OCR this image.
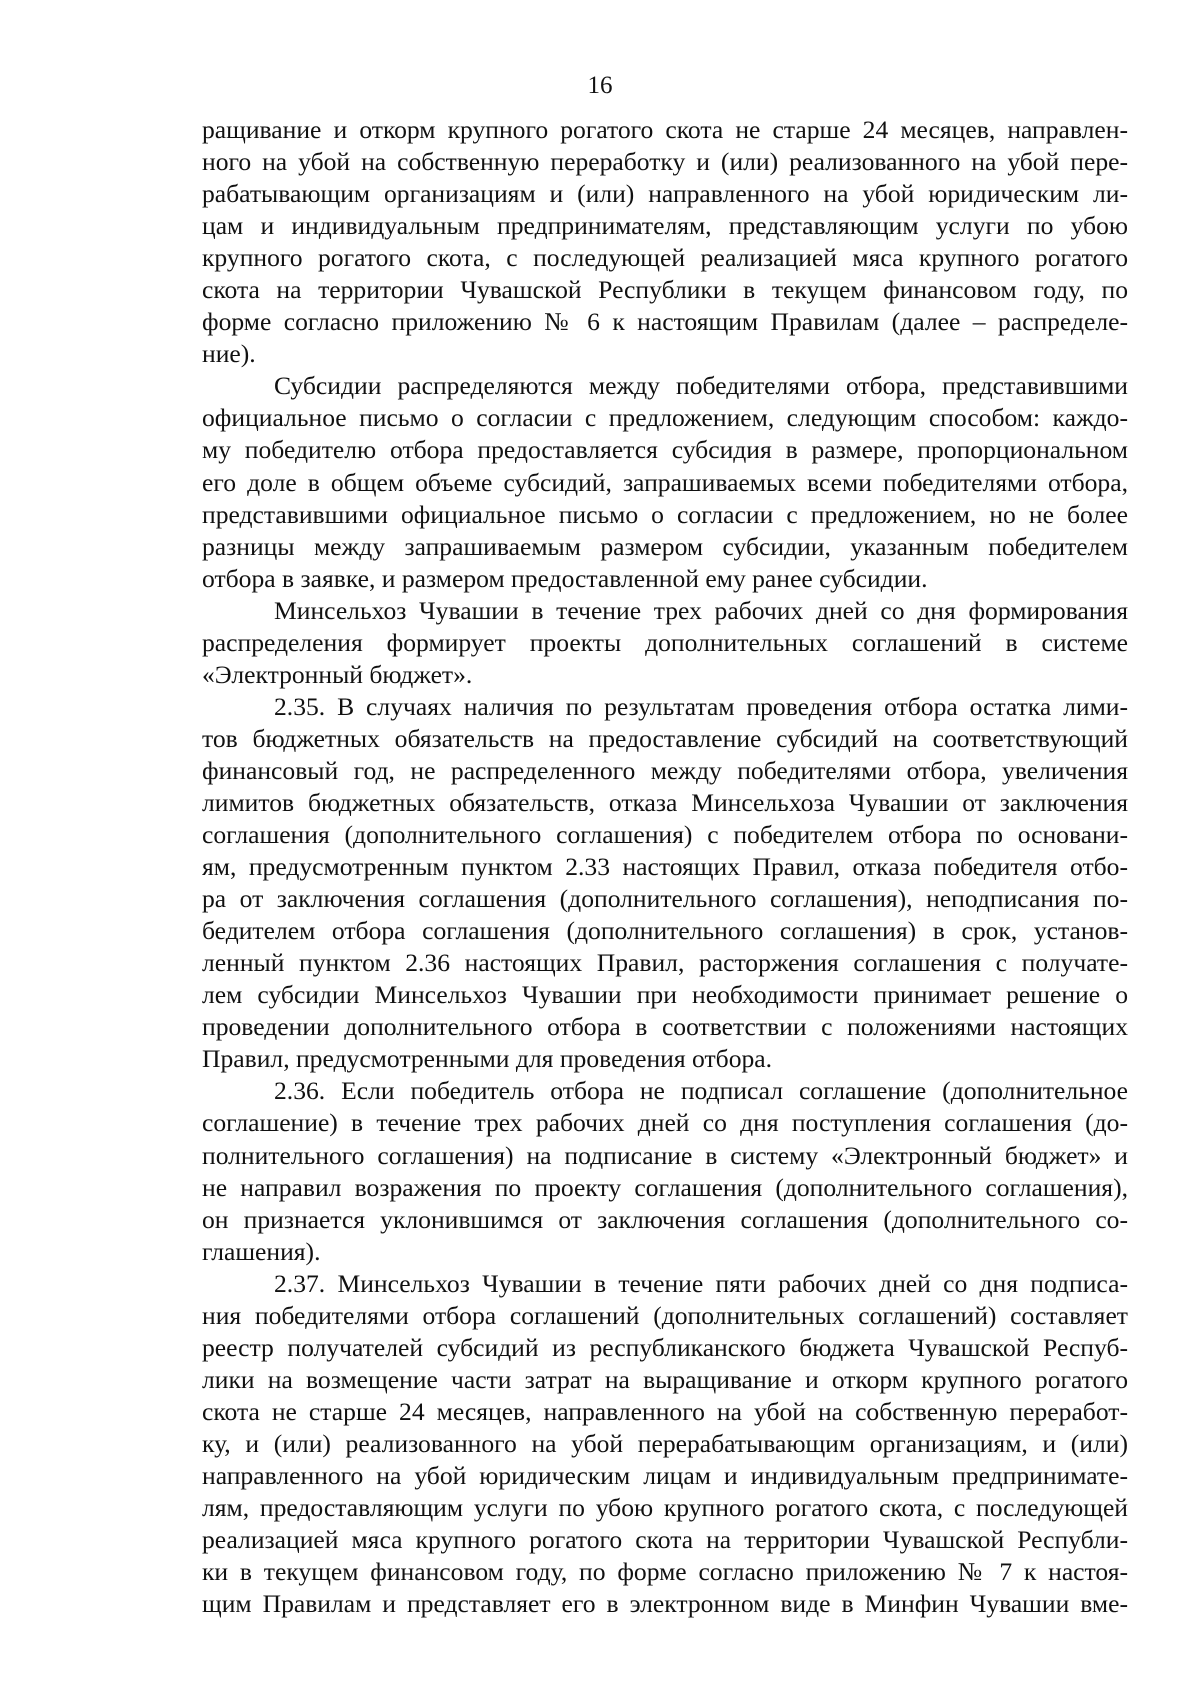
16
ращивание и откорм крупного рогатого скота не старше 24 месяцев, направлен-
ного на убой на собственную переработку и (или) реализованного на убой пере-
рабатывающим организациям и (или) направленного на убой юридическим ли-
цам и индивидуальным предпринимателям, представляющим услуги по убою
крупного рогатого скота, с последующей реализацией мяса крупного рогатого
скота на территории Чувашской Республики в текущем финансовом году, по
форме согласно приложению № 6 к настоящим Правилам (далее – распределе-
ние).
Субсидии распределяются между победителями отбора, представившими
официальное письмо о согласии с предложением, следующим способом: каждо-
му победителю отбора предоставляется субсидия в размере, пропорциональном
его доле в общем объеме субсидий, запрашиваемых всеми победителями отбора,
представившими официальное письмо о согласии с предложением, но не более
разницы между запрашиваемым размером субсидии, указанным победителем
отбора в заявке, и размером предоставленной ему ранее субсидии.
Минсельхоз Чувашии в течение трех рабочих дней со дня формирования
распределения формирует проекты дополнительных соглашений в системе
«Электронный бюджет».
2.35. В случаях наличия по результатам проведения отбора остатка лими-
тов бюджетных обязательств на предоставление субсидий на соответствующий
финансовый год, не распределенного между победителями отбора, увеличения
лимитов бюджетных обязательств, отказа Минсельхоза Чувашии от заключения
соглашения (дополнительного соглашения) с победителем отбора по основани-
ям, предусмотренным пунктом 2.33 настоящих Правил, отказа победителя отбо-
ра от заключения соглашения (дополнительного соглашения), неподписания по-
бедителем отбора соглашения (дополнительного соглашения) в срок, установ-
ленный пунктом 2.36 настоящих Правил, расторжения соглашения с получате-
лем субсидии Минсельхоз Чувашии при необходимости принимает решение о
проведении дополнительного отбора в соответствии с положениями настоящих
Правил, предусмотренными для проведения отбора.
2.36. Если победитель отбора не подписал соглашение (дополнительное
соглашение) в течение трех рабочих дней со дня поступления соглашения (до-
полнительного соглашения) на подписание в систему «Электронный бюджет» и
не направил возражения по проекту соглашения (дополнительного соглашения),
он признается уклонившимся от заключения соглашения (дополнительного со-
глашения).
2.37. Минсельхоз Чувашии в течение пяти рабочих дней со дня подписа-
ния победителями отбора соглашений (дополнительных соглашений) составляет
реестр получателей субсидий из республиканского бюджета Чувашской Респуб-
лики на возмещение части затрат на выращивание и откорм крупного рогатого
скота не старше 24 месяцев, направленного на убой на собственную переработ-
ку, и (или) реализованного на убой перерабатывающим организациям, и (или)
направленного на убой юридическим лицам и индивидуальным предпринимате-
лям, предоставляющим услуги по убою крупного рогатого скота, с последующей
реализацией мяса крупного рогатого скота на территории Чувашской Республи-
ки в текущем финансовом году, по форме согласно приложению № 7 к настоя-
щим Правилам и представляет его в электронном виде в Минфин Чувашии вме-
